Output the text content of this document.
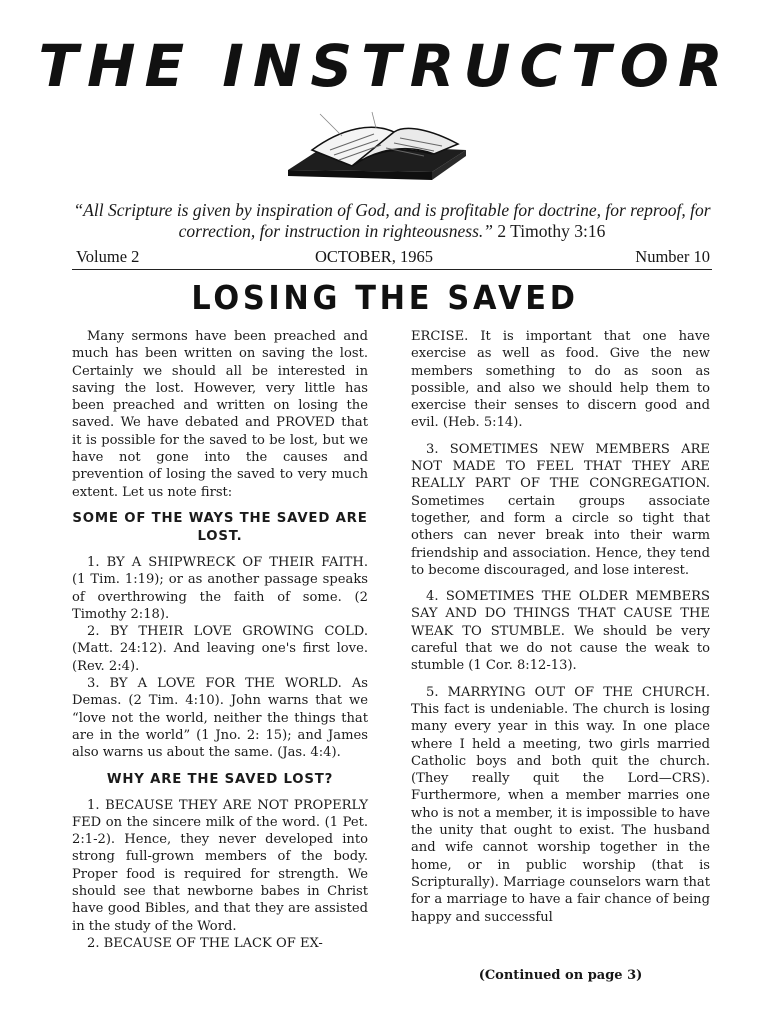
THE INSTRUCTOR
“All Scripture is given by inspiration of God, and is profitable for doctrine, for reproof, for correction, for instruction in righteousness.” 2 Timothy 3:16
Volume 2	OCTOBER, 1965	Number 10
LOSING THE SAVED

Many sermons have been preached and much has been written on saving the lost. Certainly we should all be interested in saving the lost. However, very little has been preached and written on losing the saved. We have debated and PROVED that it is possible for the saved to be lost, but we have not gone into the causes and prevention of losing the saved to very much extent. Let us note first:

SOME OF THE WAYS THE SAVED ARE LOST.

1. BY A SHIPWRECK OF THEIR FAITH. (1 Tim. 1:19); or as another passage speaks of overthrowing the faith of some. (2 Timothy 2:18).

2. BY THEIR LOVE GROWING COLD. (Matt. 24:12). And leaving one's first love. (Rev. 2:4).

3. BY A LOVE FOR THE WORLD. As Demas. (2 Tim. 4:10). John warns that we “love not the world, neither the things that are in the world” (1 Jno. 2: 15); and James also warns us about the same. (Jas. 4:4).

WHY ARE THE SAVED LOST?

1. BECAUSE THEY ARE NOT PROPERLY FED on the sincere milk of the word. (1 Pet. 2:1-2). Hence, they never developed into strong full-grown members of the body. Proper food is required for strength. We should see that newborne babes in Christ have good Bibles, and that they are assisted in the study of the Word.

2. BECAUSE OF THE LACK OF EX-

ERCISE. It is important that one have exercise as well as food. Give the new members something to do as soon as possible, and also we should help them to exercise their senses to discern good and evil. (Heb. 5:14).

3. SOMETIMES NEW MEMBERS ARE NOT MADE TO FEEL THAT THEY ARE REALLY PART OF THE CONGREGATION. Sometimes certain groups associate together, and form a circle so tight that others can never break into their warm friendship and association. Hence, they tend to become discouraged, and lose interest.

4. SOMETIMES THE OLDER MEMBERS SAY AND DO THINGS THAT CAUSE THE WEAK TO STUMBLE. We should be very careful that we do not cause the weak to stumble (1 Cor. 8:12-13).

5. MARRYING OUT OF THE CHURCH. This fact is undeniable. The church is losing many every year in this way. In one place where I held a meeting, two girls married Catholic boys and both quit the church. (They really quit the Lord—CRS). Furthermore, when a member marries one who is not a member, it is impossible to have the unity that ought to exist. The husband and wife cannot worship together in the home, or in public worship (that is Scripturally). Marriage counselors warn that for a marriage to have a fair chance of being happy and successful

(Continued on page 3)
